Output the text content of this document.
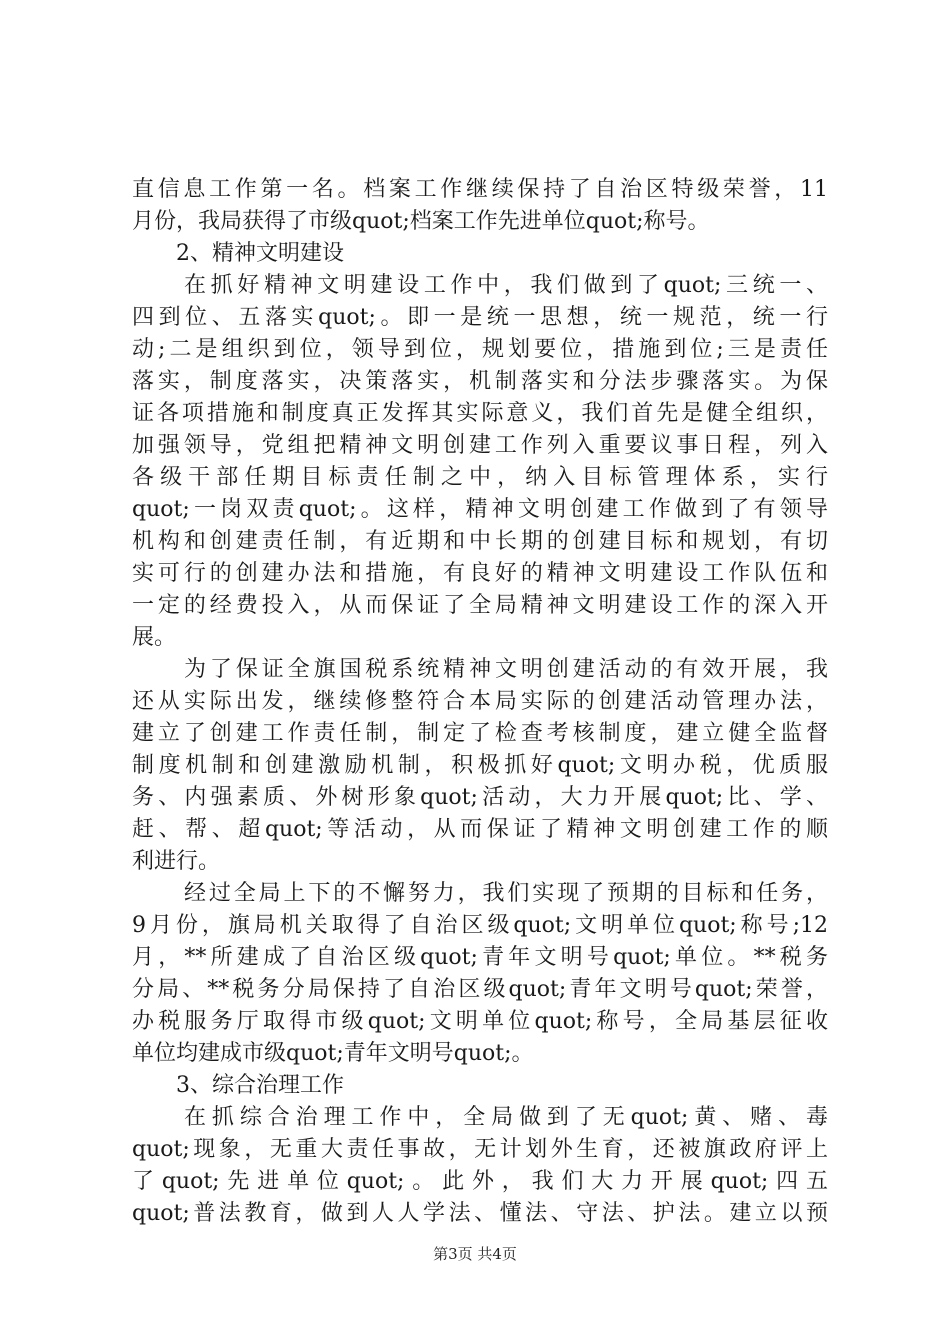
直信息工作第一名。档案工作继续保持了自治区特级荣誉，11
月份，我局获得了市级quot;档案工作先进单位quot;称号。
2、精神文明建设
在抓好精神文明建设工作中，我们做到了quot;三统一、
四到位、五落实quot;。即一是统一思想，统一规范，统一行
动;二是组织到位，领导到位，规划要位，措施到位;三是责任
落实，制度落实，决策落实，机制落实和分法步骤落实。为保
证各项措施和制度真正发挥其实际意义，我们首先是健全组织，
加强领导，党组把精神文明创建工作列入重要议事日程，列入
各级干部任期目标责任制之中，纳入目标管理体系，实行
quot;一岗双责quot;。这样，精神文明创建工作做到了有领导
机构和创建责任制，有近期和中长期的创建目标和规划，有切
实可行的创建办法和措施，有良好的精神文明建设工作队伍和
一定的经费投入，从而保证了全局精神文明建设工作的深入开
展。
为了保证全旗国税系统精神文明创建活动的有效开展，我
还从实际出发，继续修整符合本局实际的创建活动管理办法，
建立了创建工作责任制，制定了检查考核制度，建立健全监督
制度机制和创建激励机制，积极抓好quot;文明办税，优质服
务、内强素质、外树形象quot;活动，大力开展quot;比、学、
赶、帮、超quot;等活动，从而保证了精神文明创建工作的顺
利进行。
经过全局上下的不懈努力，我们实现了预期的目标和任务，
9月份，旗局机关取得了自治区级quot;文明单位quot;称号;12
月，**所建成了自治区级quot;青年文明号quot;单位。**税务
分局、**税务分局保持了自治区级quot;青年文明号quot;荣誉，
办税服务厅取得市级quot;文明单位quot;称号，全局基层征收
单位均建成市级quot;青年文明号quot;。
3、综合治理工作
在抓综合治理工作中，全局做到了无quot;黄、赌、毒
quot;现象，无重大责任事故，无计划外生育，还被旗政府评上
了quot;先进单位quot;。此外，我们大力开展quot;四五
quot;普法教育，做到人人学法、懂法、守法、护法。建立以预
第3页 共4页
